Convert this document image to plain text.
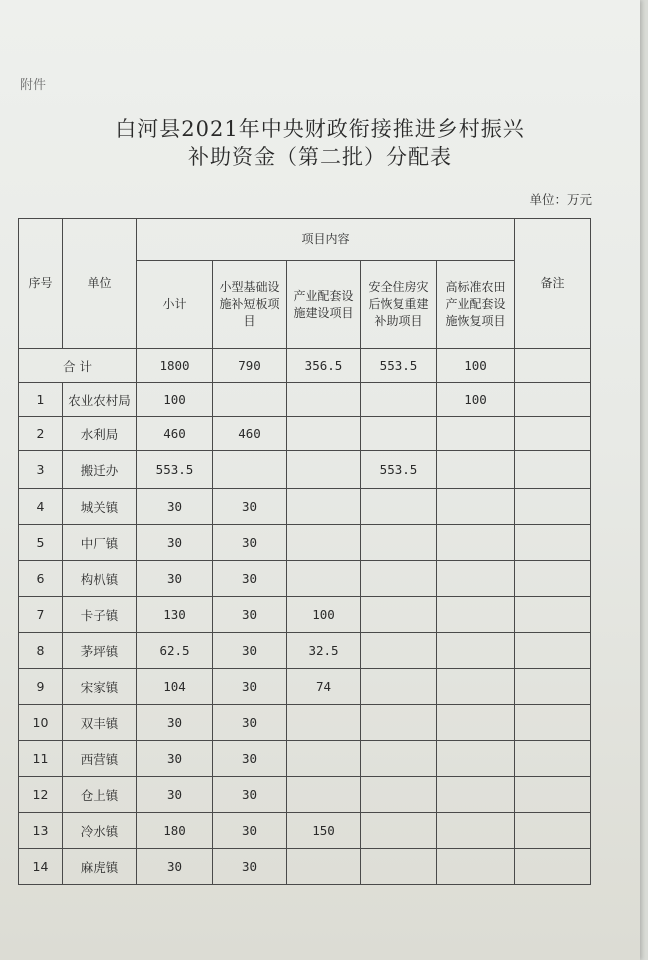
附件
白河县2021年中央财政衔接推进乡村振兴
补助资金（第二批）分配表
单位：万元
序号	单位	项目内容					备注
		小计	小型基础设施补短板项目	产业配套设施建设项目	安全住房灾后恢复重建补助项目	高标准农田产业配套设施恢复项目	
合 计		1800	790	356.5	553.5	100	
1	农业农村局	100				100	
2	水利局	460	460				
3	搬迁办	553.5			553.5		
4	城关镇	30	30				
5	中厂镇	30	30				
6	构朳镇	30	30				
7	卡子镇	130	30	100			
8	茅坪镇	62.5	30	32.5			
9	宋家镇	104	30	74			
10	双丰镇	30	30				
11	西营镇	30	30				
12	仓上镇	30	30				
13	冷水镇	180	30	150			
14	麻虎镇	30	30				
